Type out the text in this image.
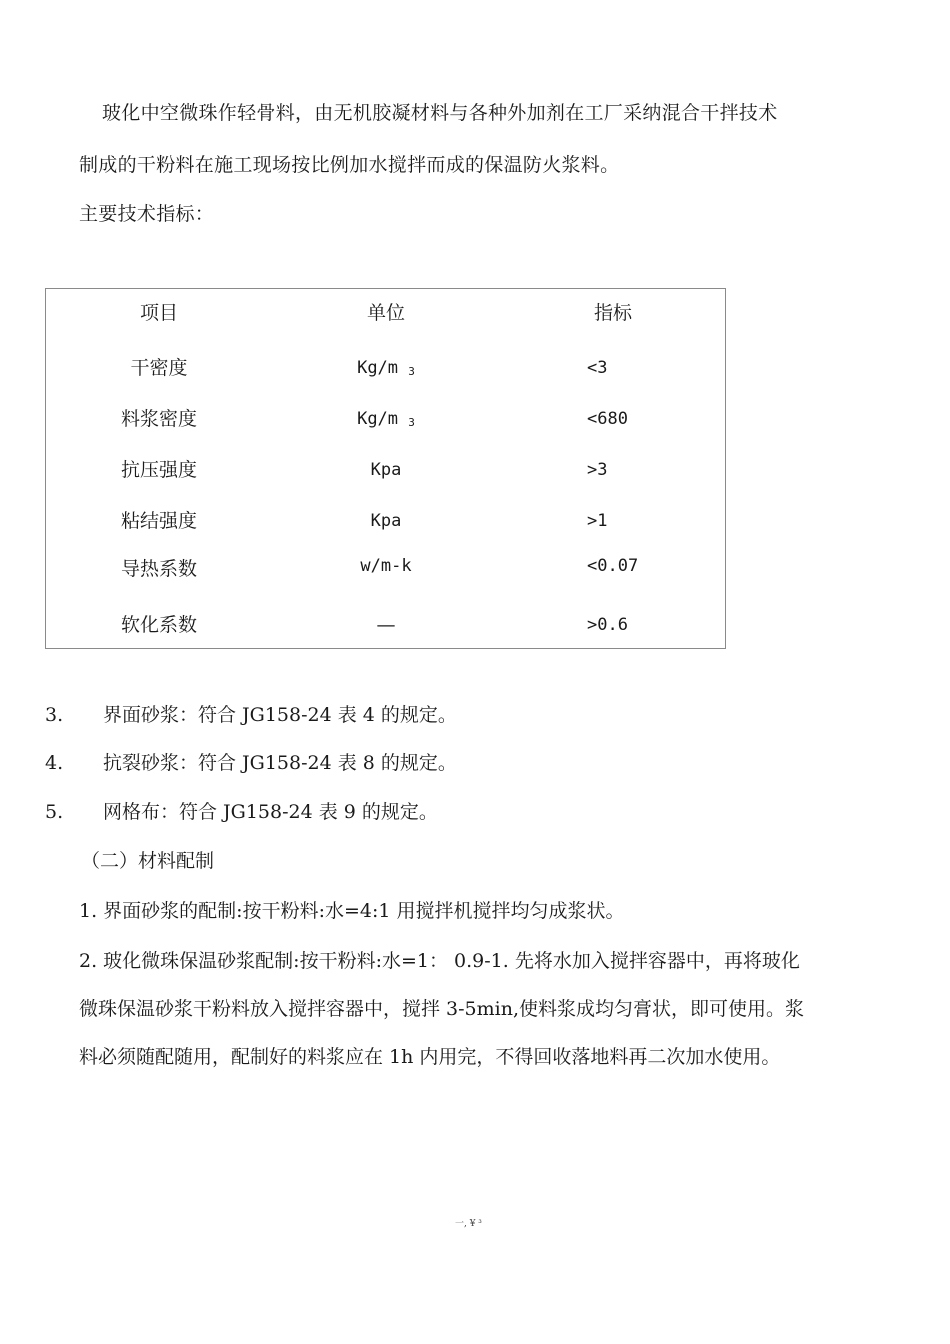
玻化中空微珠作轻骨料，由无机胶凝材料与各种外加剂在工厂采纳混合干拌技术
制成的干粉料在施工现场按比例加水搅拌而成的保温防火浆料。
主要技术指标：
项目	单位	指标
干密度	Kg/m $_3$	<3
料浆密度	Kg/m $_3$	<680
抗压强度	Kpa	>3
粘结强度	Kpa	>1
导热系数	w/m-k	<0.07
软化系数	—	>0.6
3. 界面砂浆：符合 JG158-24 表 4 的规定。
4. 抗裂砂浆：符合 JG158-24 表 8 的规定。
5. 网格布：符合 JG158-24 表 9 的规定。
（二）材料配制
1. 界面砂浆的配制:按干粉料:水=4:1 用搅拌机搅拌均匀成浆状。
2. 玻化微珠保温砂浆配制:按干粉料:水=1： 0.9-1. 先将水加入搅拌容器中，再将玻化
微珠保温砂浆干粉料放入搅拌容器中，搅拌 3-5min,使料浆成均匀膏状，即可使用。浆
料必须随配随用，配制好的料浆应在 1h 内用完，不得回收落地料再二次加水使用。
一, ¥ ³
